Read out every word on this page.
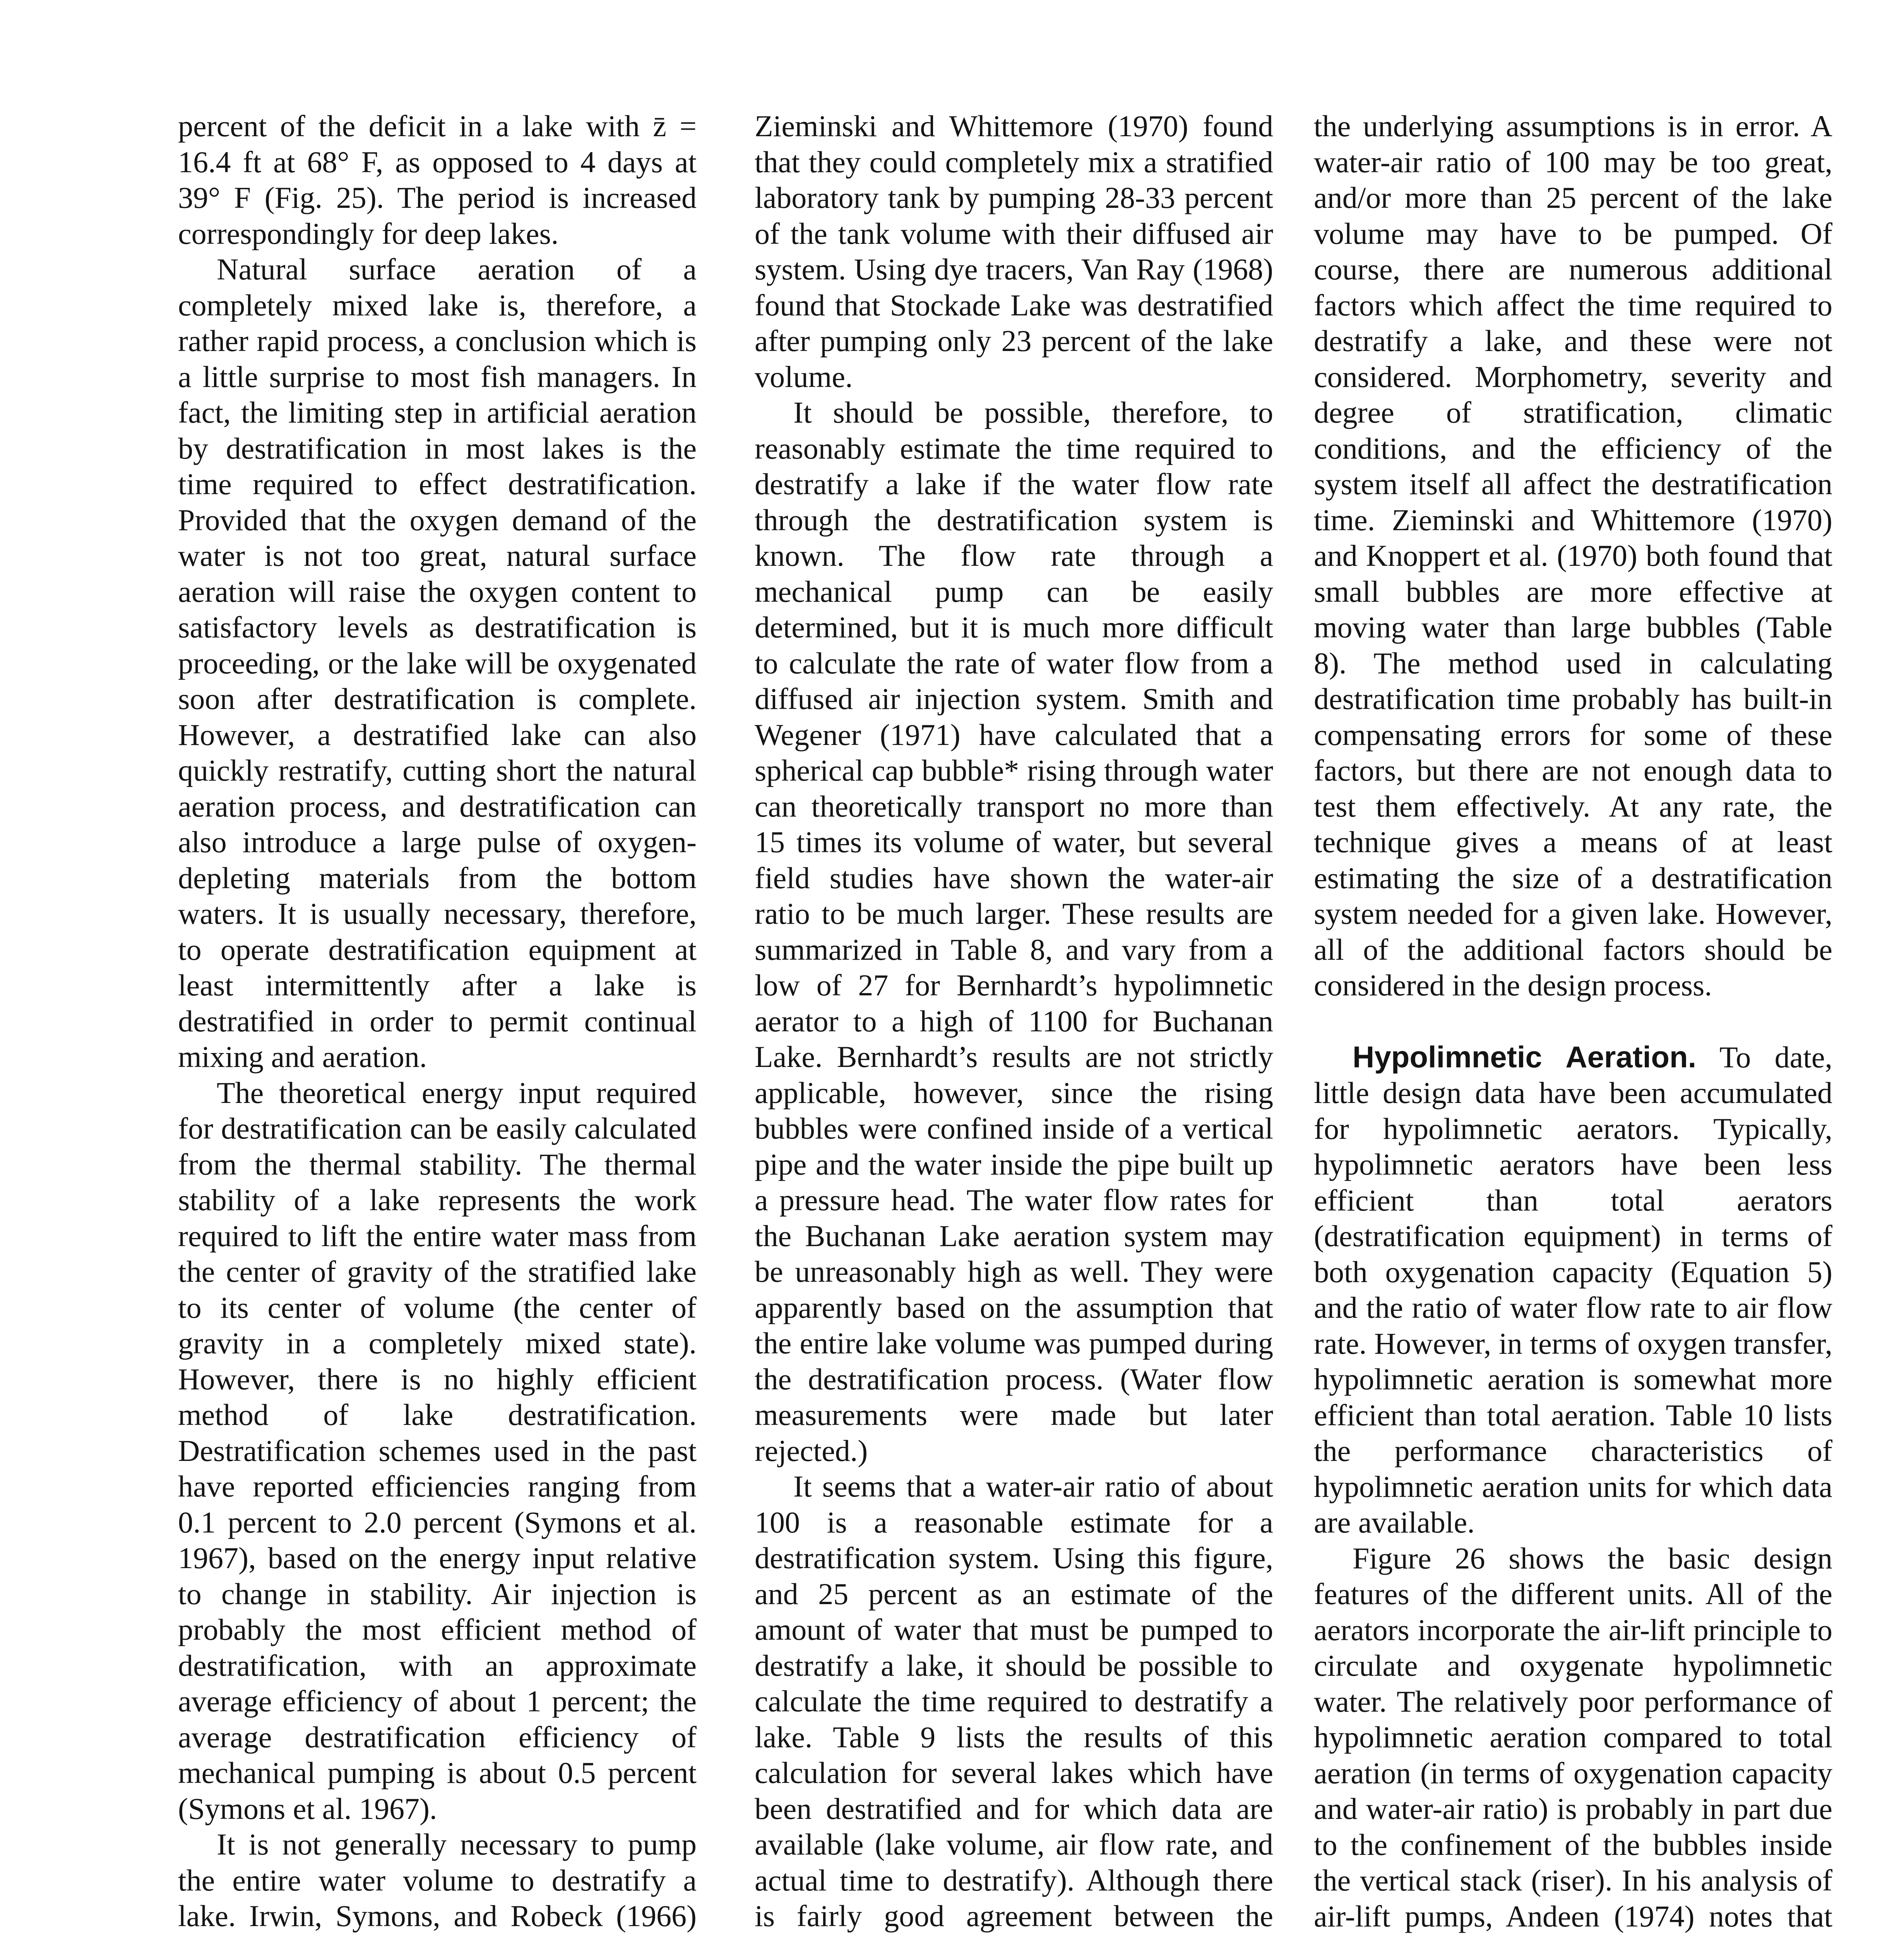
percent of the deficit in a lake with z̄ = 16.4 ft at 68° F, as opposed to 4 days at 39° F (Fig. 25). The period is increased correspondingly for deep lakes.

Natural surface aeration of a completely mixed lake is, therefore, a rather rapid process, a conclusion which is a little surprise to most fish managers. In fact, the limiting step in artificial aeration by destratification in most lakes is the time required to effect destratification. Provided that the oxygen demand of the water is not too great, natural surface aeration will raise the oxygen content to satisfactory levels as destratification is proceeding, or the lake will be oxygenated soon after destratification is complete. However, a destratified lake can also quickly restratify, cutting short the natural aeration process, and destratification can also introduce a large pulse of oxygen-depleting materials from the bottom waters. It is usually necessary, therefore, to operate destratification equipment at least intermittently after a lake is destratified in order to permit continual mixing and aeration.

The theoretical energy input required for destratification can be easily calculated from the thermal stability. The thermal stability of a lake represents the work required to lift the entire water mass from the center of gravity of the stratified lake to its center of volume (the center of gravity in a completely mixed state). However, there is no highly efficient method of lake destratification. Destratification schemes used in the past have reported efficiencies ranging from 0.1 percent to 2.0 percent (Symons et al. 1967), based on the energy input relative to change in stability. Air injection is probably the most efficient method of destratification, with an approximate average efficiency of about 1 percent; the average destratification efficiency of mechanical pumping is about 0.5 percent (Symons et al. 1967).

It is not generally necessary to pump the entire water volume to destratify a lake. Irwin, Symons, and Robeck (1966)

Zieminski and Whittemore (1970) found that they could completely mix a stratified laboratory tank by pumping 28-33 percent of the tank volume with their diffused air system. Using dye tracers, Van Ray (1968) found that Stockade Lake was destratified after pumping only 23 percent of the lake volume.

It should be possible, therefore, to reasonably estimate the time required to destratify a lake if the water flow rate through the destratification system is known. The flow rate through a mechanical pump can be easily determined, but it is much more difficult to calculate the rate of water flow from a diffused air injection system. Smith and Wegener (1971) have calculated that a spherical cap bubble* rising through water can theoretically transport no more than 15 times its volume of water, but several field studies have shown the water-air ratio to be much larger. These results are summarized in Table 8, and vary from a low of 27 for Bernhardt’s hypolimnetic aerator to a high of 1100 for Buchanan Lake. Bernhardt’s results are not strictly applicable, however, since the rising bubbles were confined inside of a vertical pipe and the water inside the pipe built up a pressure head. The water flow rates for the Buchanan Lake aeration system may be unreasonably high as well. They were apparently based on the assumption that the entire lake volume was pumped during the destratification process. (Water flow measurements were made but later rejected.)

It seems that a water-air ratio of about 100 is a reasonable estimate for a destratification system. Using this figure, and 25 percent as an estimate of the amount of water that must be pumped to destratify a lake, it should be possible to calculate the time required to destratify a lake. Table 9 lists the results of this calculation for several lakes which have been destratified and for which data are available (lake volume, air flow rate, and actual time to destratify). Although there is fairly good agreement between the

the underlying assumptions is in error. A water-air ratio of 100 may be too great, and/or more than 25 percent of the lake volume may have to be pumped. Of course, there are numerous additional factors which affect the time required to destratify a lake, and these were not considered. Morphometry, severity and degree of stratification, climatic conditions, and the efficiency of the system itself all affect the destratification time. Zieminski and Whittemore (1970) and Knoppert et al. (1970) both found that small bubbles are more effective at moving water than large bubbles (Table 8). The method used in calculating destratification time probably has built-in compensating errors for some of these factors, but there are not enough data to test them effectively. At any rate, the technique gives a means of at least estimating the size of a destratification system needed for a given lake. However, all of the additional factors should be considered in the design process.

Hypolimnetic Aeration. To date, little design data have been accumulated for hypolimnetic aerators. Typically, hypolimnetic aerators have been less efficient than total aerators (destratification equipment) in terms of both oxygenation capacity (Equation 5) and the ratio of water flow rate to air flow rate. However, in terms of oxygen transfer, hypolimnetic aeration is somewhat more efficient than total aeration. Table 10 lists the performance characteristics of hypolimnetic aeration units for which data are available.

Figure 26 shows the basic design features of the different units. All of the aerators incorporate the air-lift principle to circulate and oxygenate hypolimnetic water. The relatively poor performance of hypolimnetic aeration compared to total aeration (in terms of oxygenation capacity and water-air ratio) is probably in part due to the confinement of the bubbles inside the vertical stack (riser). In his analysis of air-lift pumps, Andeen (1974) notes that
